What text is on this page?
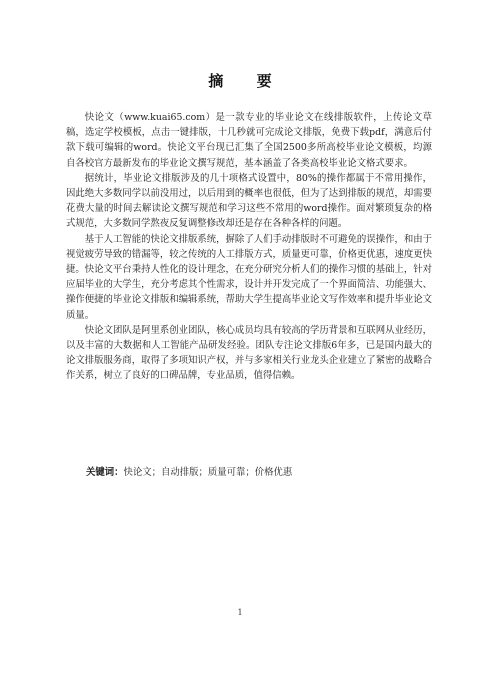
摘 要

快论文（www.kuai65.com）是一款专业的毕业论文在线排版软件，上传论文草稿，选定学校模板，点击一键排版，十几秒就可完成论文排版，免费下载pdf，满意后付款下载可编辑的word。快论文平台现已汇集了全国2500多所高校毕业论文模板，均源自各校官方最新发布的毕业论文撰写规范，基本涵盖了各类高校毕业论文格式要求。

据统计，毕业论文排版涉及的几十项格式设置中，80%的操作都属于不常用操作，因此绝大多数同学以前没用过，以后用到的概率也很低，但为了达到排版的规范，却需要花费大量的时间去解读论文撰写规范和学习这些不常用的word操作。面对繁琐复杂的格式规范，大多数同学熬夜反复调整修改却还是存在各种各样的问题。

基于人工智能的快论文排版系统，摒除了人们手动排版时不可避免的误操作，和由于视觉疲劳导致的错漏等，较之传统的人工排版方式，质量更可靠，价格更优惠，速度更快捷。快论文平台秉持人性化的设计理念，在充分研究分析人们的操作习惯的基础上，针对应届毕业的大学生，充分考虑其个性需求，设计并开发完成了一个界面简洁、功能强大、操作便捷的毕业论文排版和编辑系统，帮助大学生提高毕业论文写作效率和提升毕业论文质量。

快论文团队是阿里系创业团队，核心成员均具有较高的学历背景和互联网从业经历，以及丰富的大数据和人工智能产品研发经验。团队专注论文排版6年多，已是国内最大的论文排版服务商，取得了多项知识产权，并与多家相关行业龙头企业建立了紧密的战略合作关系，树立了良好的口碑品牌，专业品质，值得信赖。

关键词：快论文；自动排版；质量可靠；价格优惠
1
